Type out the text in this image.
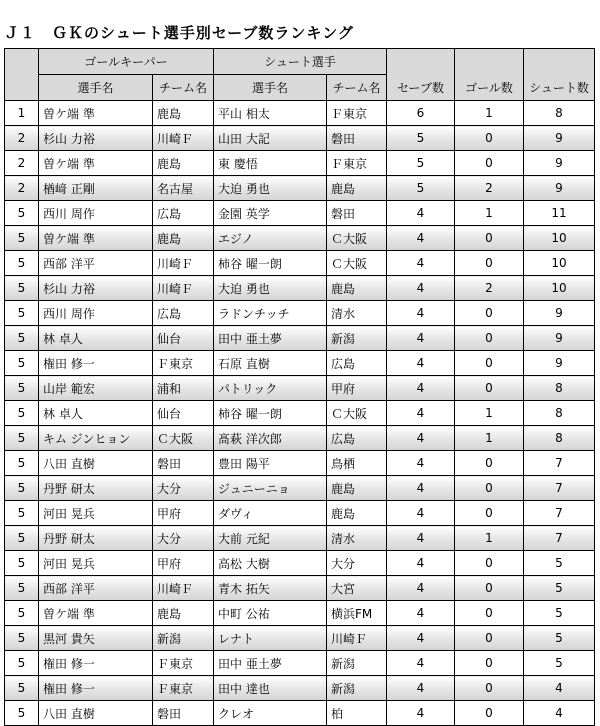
Ｊ１　ＧＫのシュート選手別セーブ数ランキング
	ゴールキーパー		シュート選手		セーブ数	ゴール数	シュート数
	選手名	チーム名	選手名	チーム名			
1	曽ケ端 準	鹿島	平山 相太	Ｆ東京	6	1	8
2	杉山 力裕	川崎Ｆ	山田 大記	磐田	5	0	9
2	曽ケ端 準	鹿島	東 慶悟	Ｆ東京	5	0	9
2	楢﨑 正剛	名古屋	大迫 勇也	鹿島	5	2	9
5	西川 周作	広島	金園 英学	磐田	4	1	11
5	曽ケ端 準	鹿島	エジノ	Ｃ大阪	4	0	10
5	西部 洋平	川崎Ｆ	柿谷 曜一朗	Ｃ大阪	4	0	10
5	杉山 力裕	川崎Ｆ	大迫 勇也	鹿島	4	2	10
5	西川 周作	広島	ラドンチッチ	清水	4	0	9
5	林 卓人	仙台	田中 亜土夢	新潟	4	0	9
5	権田 修一	Ｆ東京	石原 直樹	広島	4	0	9
5	山岸 範宏	浦和	パトリック	甲府	4	0	8
5	林 卓人	仙台	柿谷 曜一朗	Ｃ大阪	4	1	8
5	キム ジンヒョン	Ｃ大阪	髙萩 洋次郎	広島	4	1	8
5	八田 直樹	磐田	豊田 陽平	鳥栖	4	0	7
5	丹野 研太	大分	ジュニーニョ	鹿島	4	0	7
5	河田 晃兵	甲府	ダヴィ	鹿島	4	0	7
5	丹野 研太	大分	大前 元紀	清水	4	1	7
5	河田 晃兵	甲府	高松 大樹	大分	4	0	5
5	西部 洋平	川崎Ｆ	青木 拓矢	大宮	4	0	5
5	曽ケ端 準	鹿島	中町 公祐	横浜FM	4	0	5
5	黒河 貴矢	新潟	レナト	川崎Ｆ	4	0	5
5	権田 修一	Ｆ東京	田中 亜土夢	新潟	4	0	5
5	権田 修一	Ｆ東京	田中 達也	新潟	4	0	4
5	八田 直樹	磐田	クレオ	柏	4	0	4
